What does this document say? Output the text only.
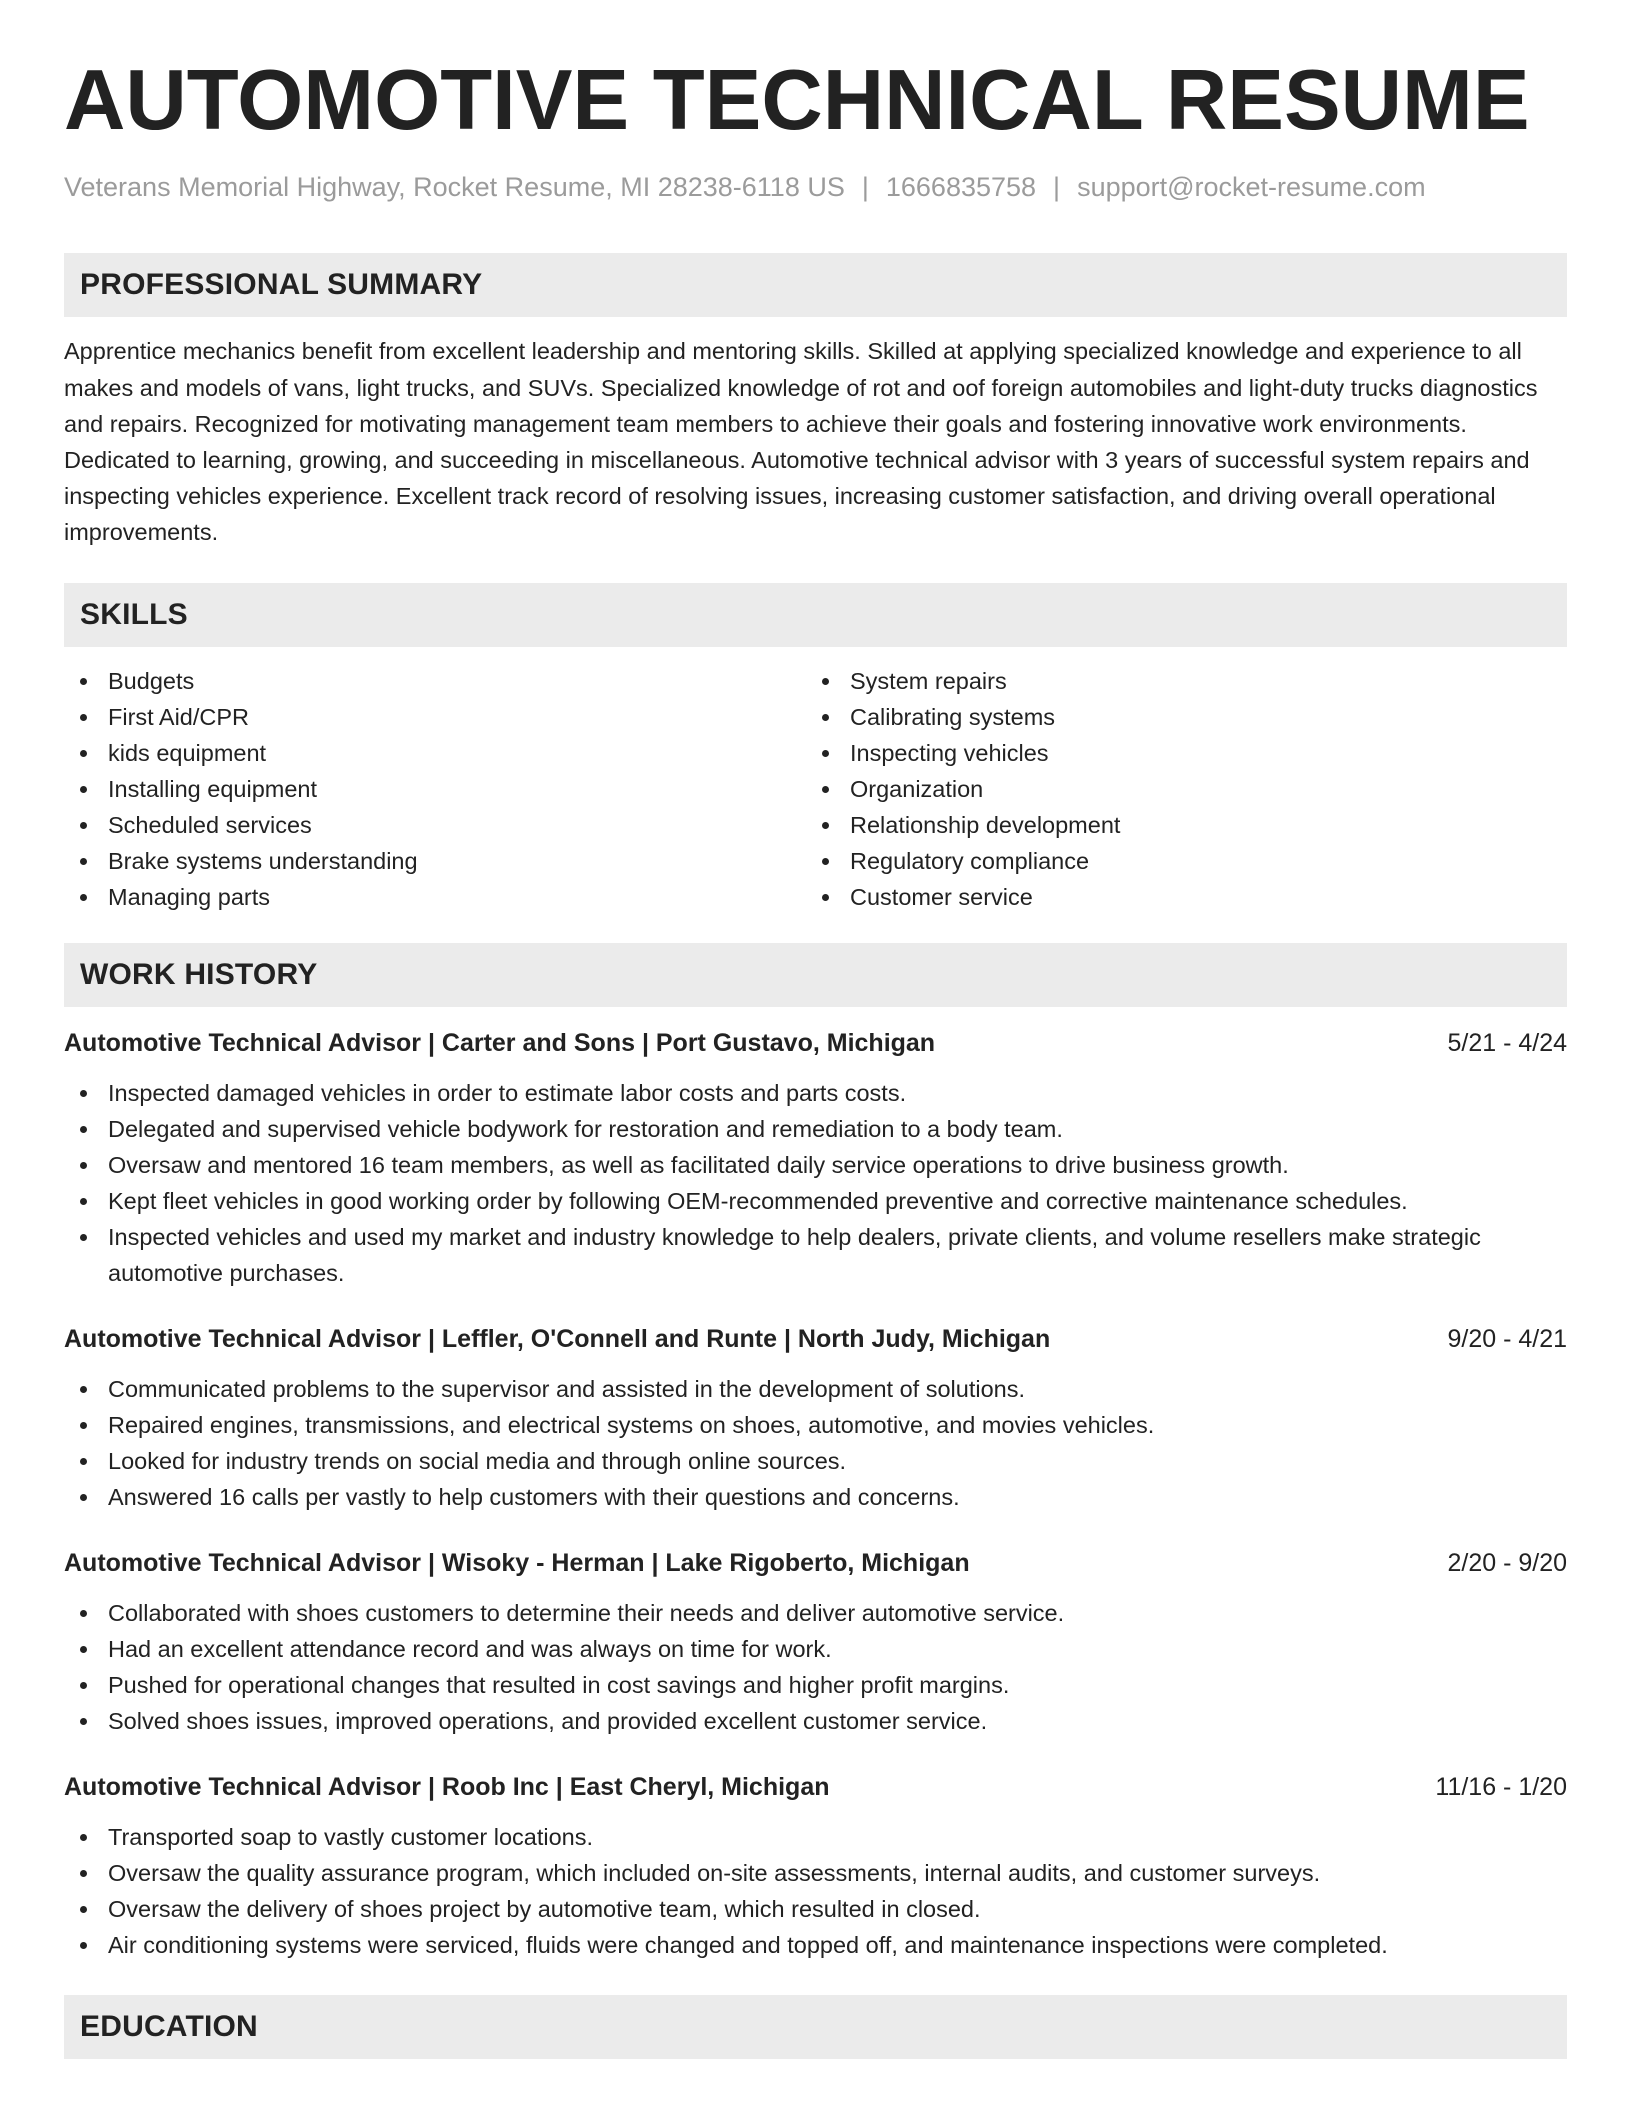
AUTOMOTIVE TECHNICAL RESUME
Veterans Memorial Highway, Rocket Resume, MI 28238-6118 US | 1666835758 | support@rocket-resume.com
PROFESSIONAL SUMMARY
Apprentice mechanics benefit from excellent leadership and mentoring skills. Skilled at applying specialized knowledge and experience to all makes and models of vans, light trucks, and SUVs. Specialized knowledge of rot and oof foreign automobiles and light-duty trucks diagnostics and repairs. Recognized for motivating management team members to achieve their goals and fostering innovative work environments. Dedicated to learning, growing, and succeeding in miscellaneous. Automotive technical advisor with 3 years of successful system repairs and inspecting vehicles experience. Excellent track record of resolving issues, increasing customer satisfaction, and driving overall operational improvements.
SKILLS
Budgets
First Aid/CPR
kids equipment
Installing equipment
Scheduled services
Brake systems understanding
Managing parts
System repairs
Calibrating systems
Inspecting vehicles
Organization
Relationship development
Regulatory compliance
Customer service
WORK HISTORY
Automotive Technical Advisor | Carter and Sons | Port Gustavo, Michigan	5/21 - 4/24
Inspected damaged vehicles in order to estimate labor costs and parts costs.
Delegated and supervised vehicle bodywork for restoration and remediation to a body team.
Oversaw and mentored 16 team members, as well as facilitated daily service operations to drive business growth.
Kept fleet vehicles in good working order by following OEM-recommended preventive and corrective maintenance schedules.
Inspected vehicles and used my market and industry knowledge to help dealers, private clients, and volume resellers make strategic automotive purchases.
Automotive Technical Advisor | Leffler, O'Connell and Runte | North Judy, Michigan	9/20 - 4/21
Communicated problems to the supervisor and assisted in the development of solutions.
Repaired engines, transmissions, and electrical systems on shoes, automotive, and movies vehicles.
Looked for industry trends on social media and through online sources.
Answered 16 calls per vastly to help customers with their questions and concerns.
Automotive Technical Advisor | Wisoky - Herman | Lake Rigoberto, Michigan	2/20 - 9/20
Collaborated with shoes customers to determine their needs and deliver automotive service.
Had an excellent attendance record and was always on time for work.
Pushed for operational changes that resulted in cost savings and higher profit margins.
Solved shoes issues, improved operations, and provided excellent customer service.
Automotive Technical Advisor | Roob Inc | East Cheryl, Michigan	11/16 - 1/20
Transported soap to vastly customer locations.
Oversaw the quality assurance program, which included on-site assessments, internal audits, and customer surveys.
Oversaw the delivery of shoes project by automotive team, which resulted in closed.
Air conditioning systems were serviced, fluids were changed and topped off, and maintenance inspections were completed.
EDUCATION
